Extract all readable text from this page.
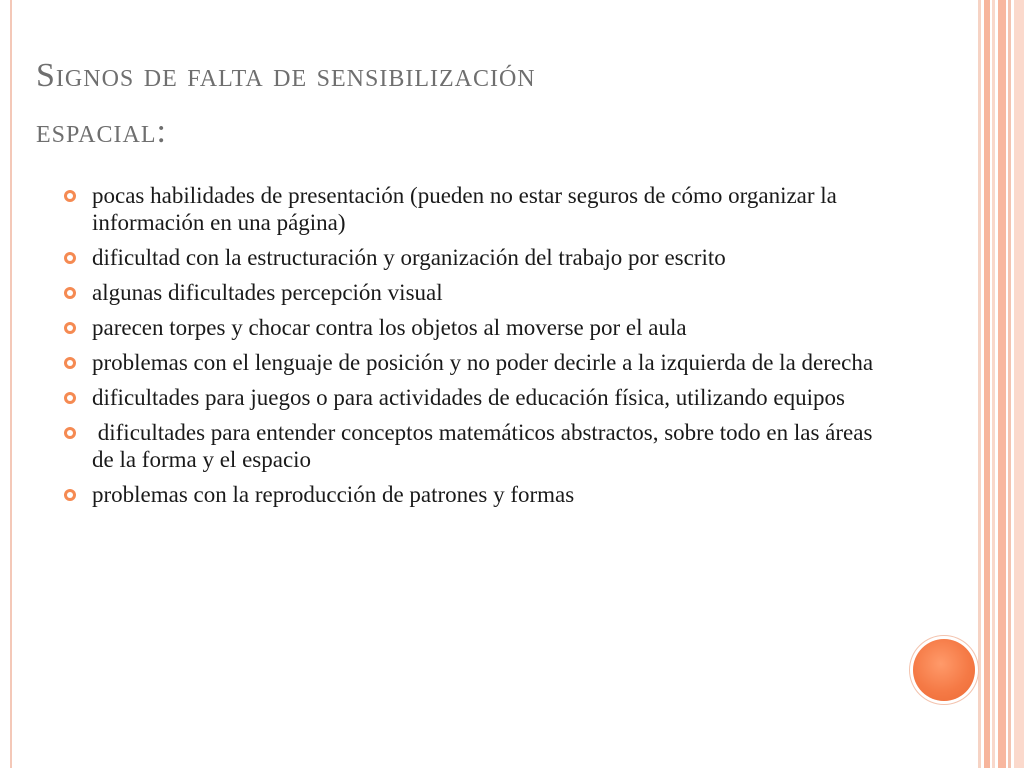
Signos de falta de sensibilización
espacial:
pocas habilidades de presentación (pueden no estar seguros de cómo organizar la información en una página)
dificultad con la estructuración y organización del trabajo por escrito
algunas dificultades percepción visual
parecen torpes y chocar contra los objetos al moverse por el aula
problemas con el lenguaje de posición y no poder decirle a la izquierda de la derecha
dificultades para juegos o para actividades de educación física, utilizando equipos
dificultades para entender conceptos matemáticos abstractos, sobre todo en las áreas de la forma y el espacio
problemas con la reproducción de patrones y formas
